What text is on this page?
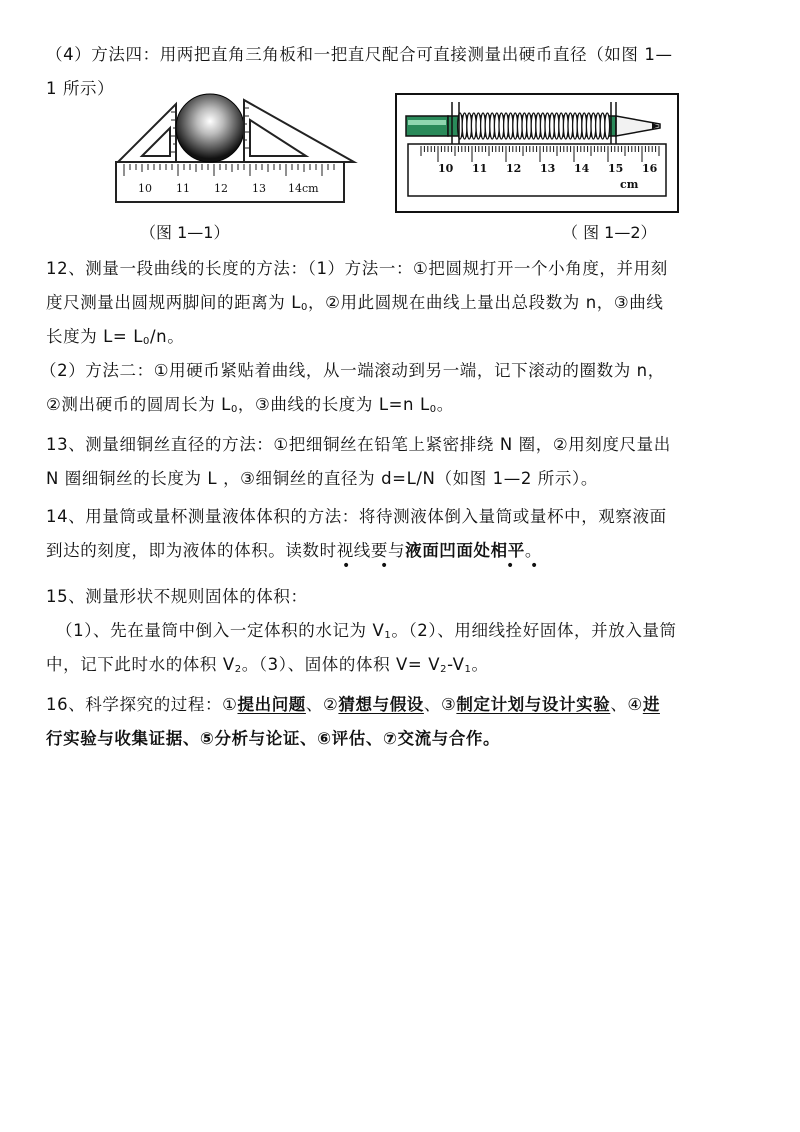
（4）方法四：用两把直角三角板和一把直尺配合可直接测量出硬币直径（如图 1—
1 所示）
10 11 12 13 14cm
（图 1—1）
10 11 12 13 14 15 16
cm
（ 图 1—2）
12、测量一段曲线的长度的方法：（1）方法一：①把圆规打开一个小角度，并用刻
度尺测量出圆规两脚间的距离为 $L_0$，②用此圆规在曲线上量出总段数为 n，③曲线
长度为 $L= L_0/n$。
（2）方法二：①用硬币紧贴着曲线，从一端滚动到另一端，记下滚动的圈数为 n，
②测出硬币的圆周长为 $L_0$，③曲线的长度为 L=n $L_0$。
13、测量细铜丝直径的方法：①把细铜丝在铅笔上紧密排绕 N 圈，②用刻度尺量出
N 圈细铜丝的长度为 L ，③细铜丝的直径为 d=L/N（如图 1—2 所示）。
14、用量筒或量杯测量液体体积的方法：将待测液体倒入量筒或量杯中，观察液面
到达的刻度，即为液体的体积。读数时视线要与液面凹面处相平。
• •	• •
15、测量形状不规则固体的体积：
（1）、先在量筒中倒入一定体积的水记为 $V_1$。（2）、用细线拴好固体，并放入量筒
中，记下此时水的体积 $V_2$。（3）、固体的体积 $V= V_2-V_1$。
16、科学探究的过程：①提出问题、②猜想与假设、③制定计划与设计实验、④进
行实验与收集证据、⑤分析与论证、⑥评估、⑦交流与合作。
